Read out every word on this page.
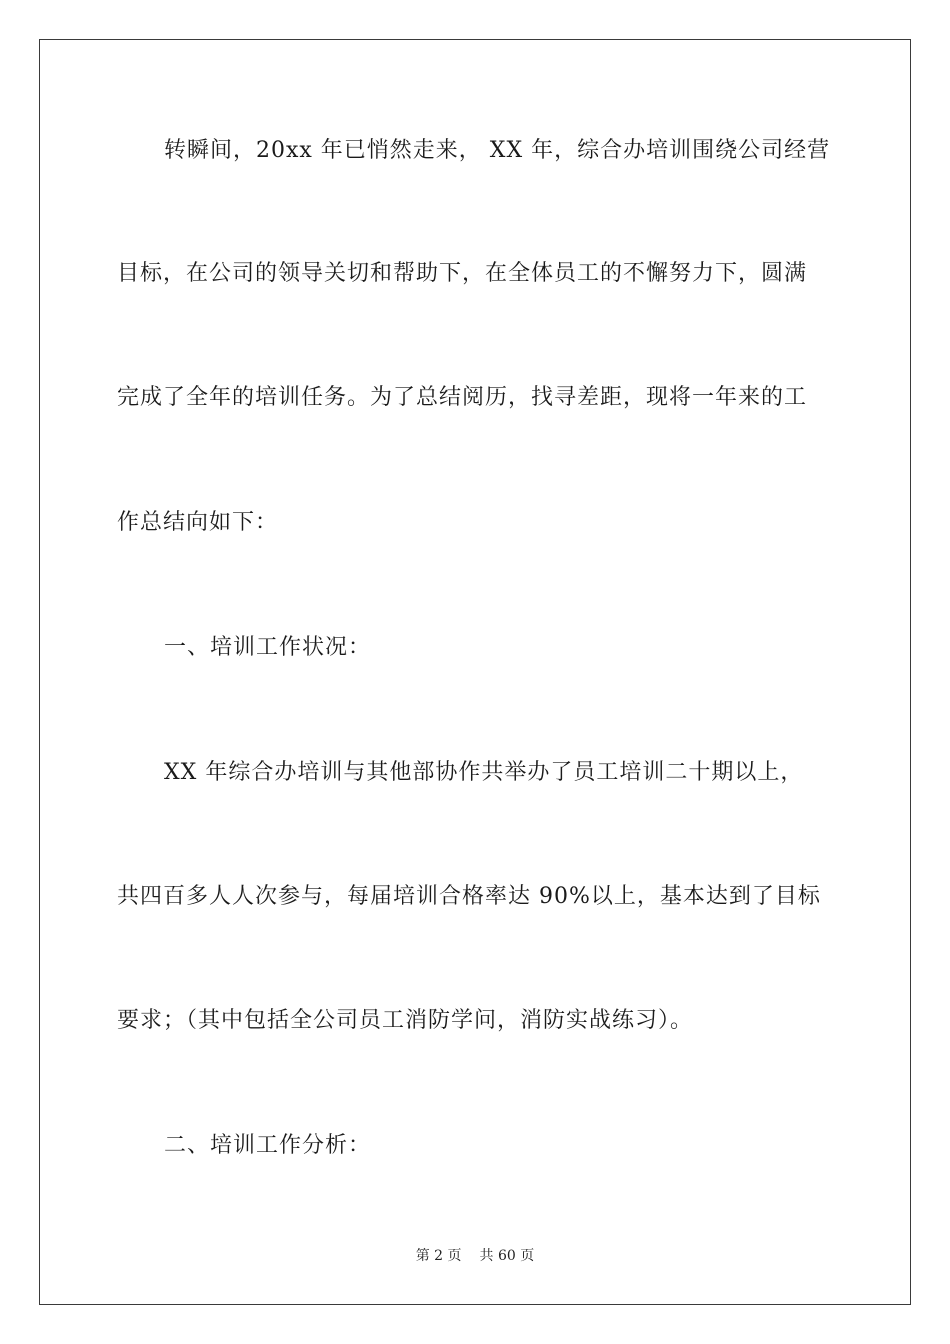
转瞬间，20xx 年已悄然走来， XX 年，综合办培训围绕公司经营
目标，在公司的领导关切和帮助下，在全体员工的不懈努力下，圆满
完成了全年的培训任务。为了总结阅历，找寻差距，现将一年来的工
作总结向如下：
一、培训工作状况：
XX 年综合办培训与其他部协作共举办了员工培训二十期以上，
共四百多人人次参与，每届培训合格率达 90%以上，基本达到了目标
要求；（其中包括全公司员工消防学问，消防实战练习）。
二、培训工作分析：
第 2 页 共 60 页
